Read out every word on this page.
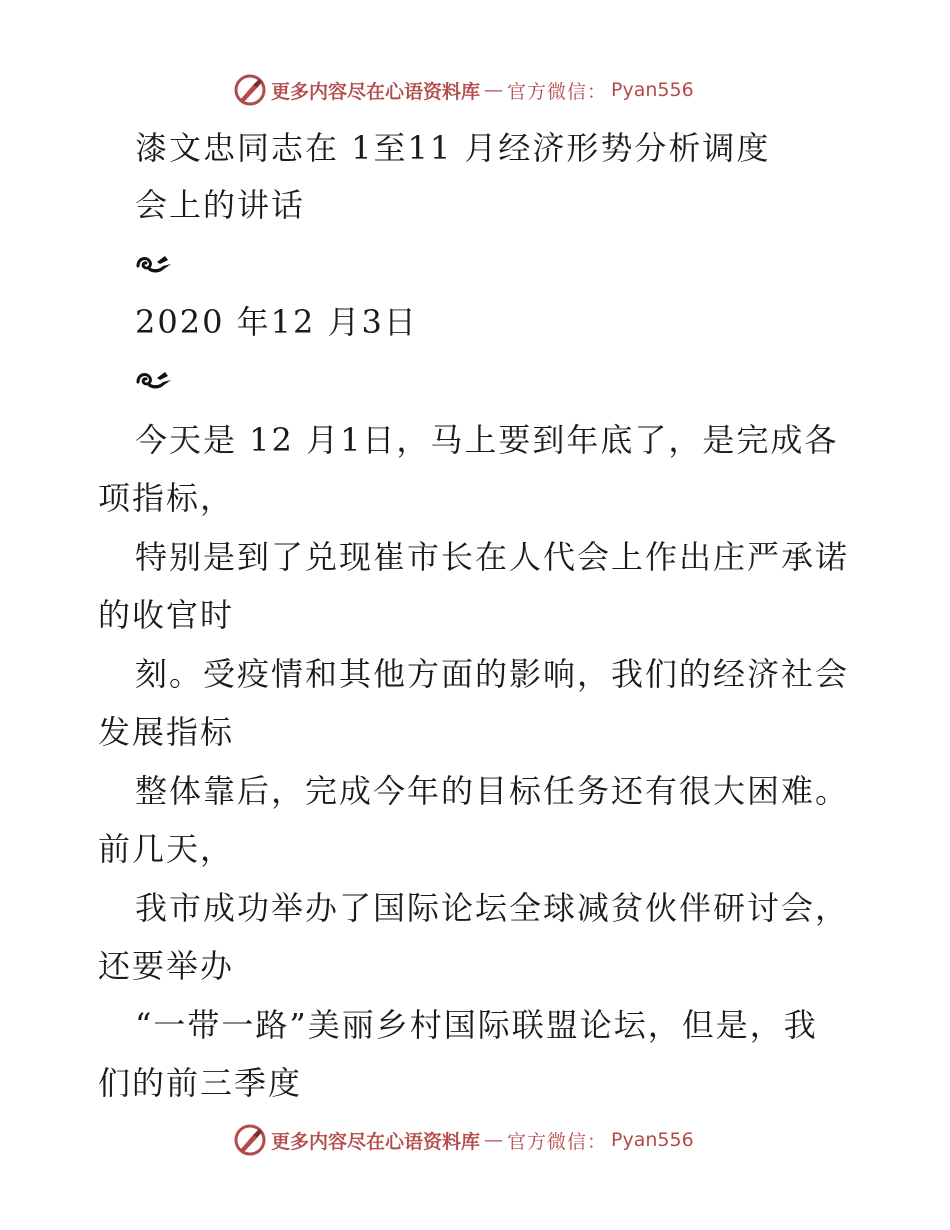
更多内容尽在心语资料库 — 官方微信： Pyan556
漆文忠同志在 1至11 月经济形势分析调度
会上的讲话
2020 年12 月3日
今天是 12 月1日，马上要到年底了，是完成各
项指标，
特别是到了兑现崔市长在人代会上作出庄严承诺
的收官时
刻。受疫情和其他方面的影响，我们的经济社会
发展指标
整体靠后，完成今年的目标任务还有很大困难。
前几天，
我市成功举办了国际论坛全球减贫伙伴研讨会，
还要举办
“一带一路”美丽乡村国际联盟论坛，但是，我
们的前三季度
更多内容尽在心语资料库 — 官方微信： Pyan556
